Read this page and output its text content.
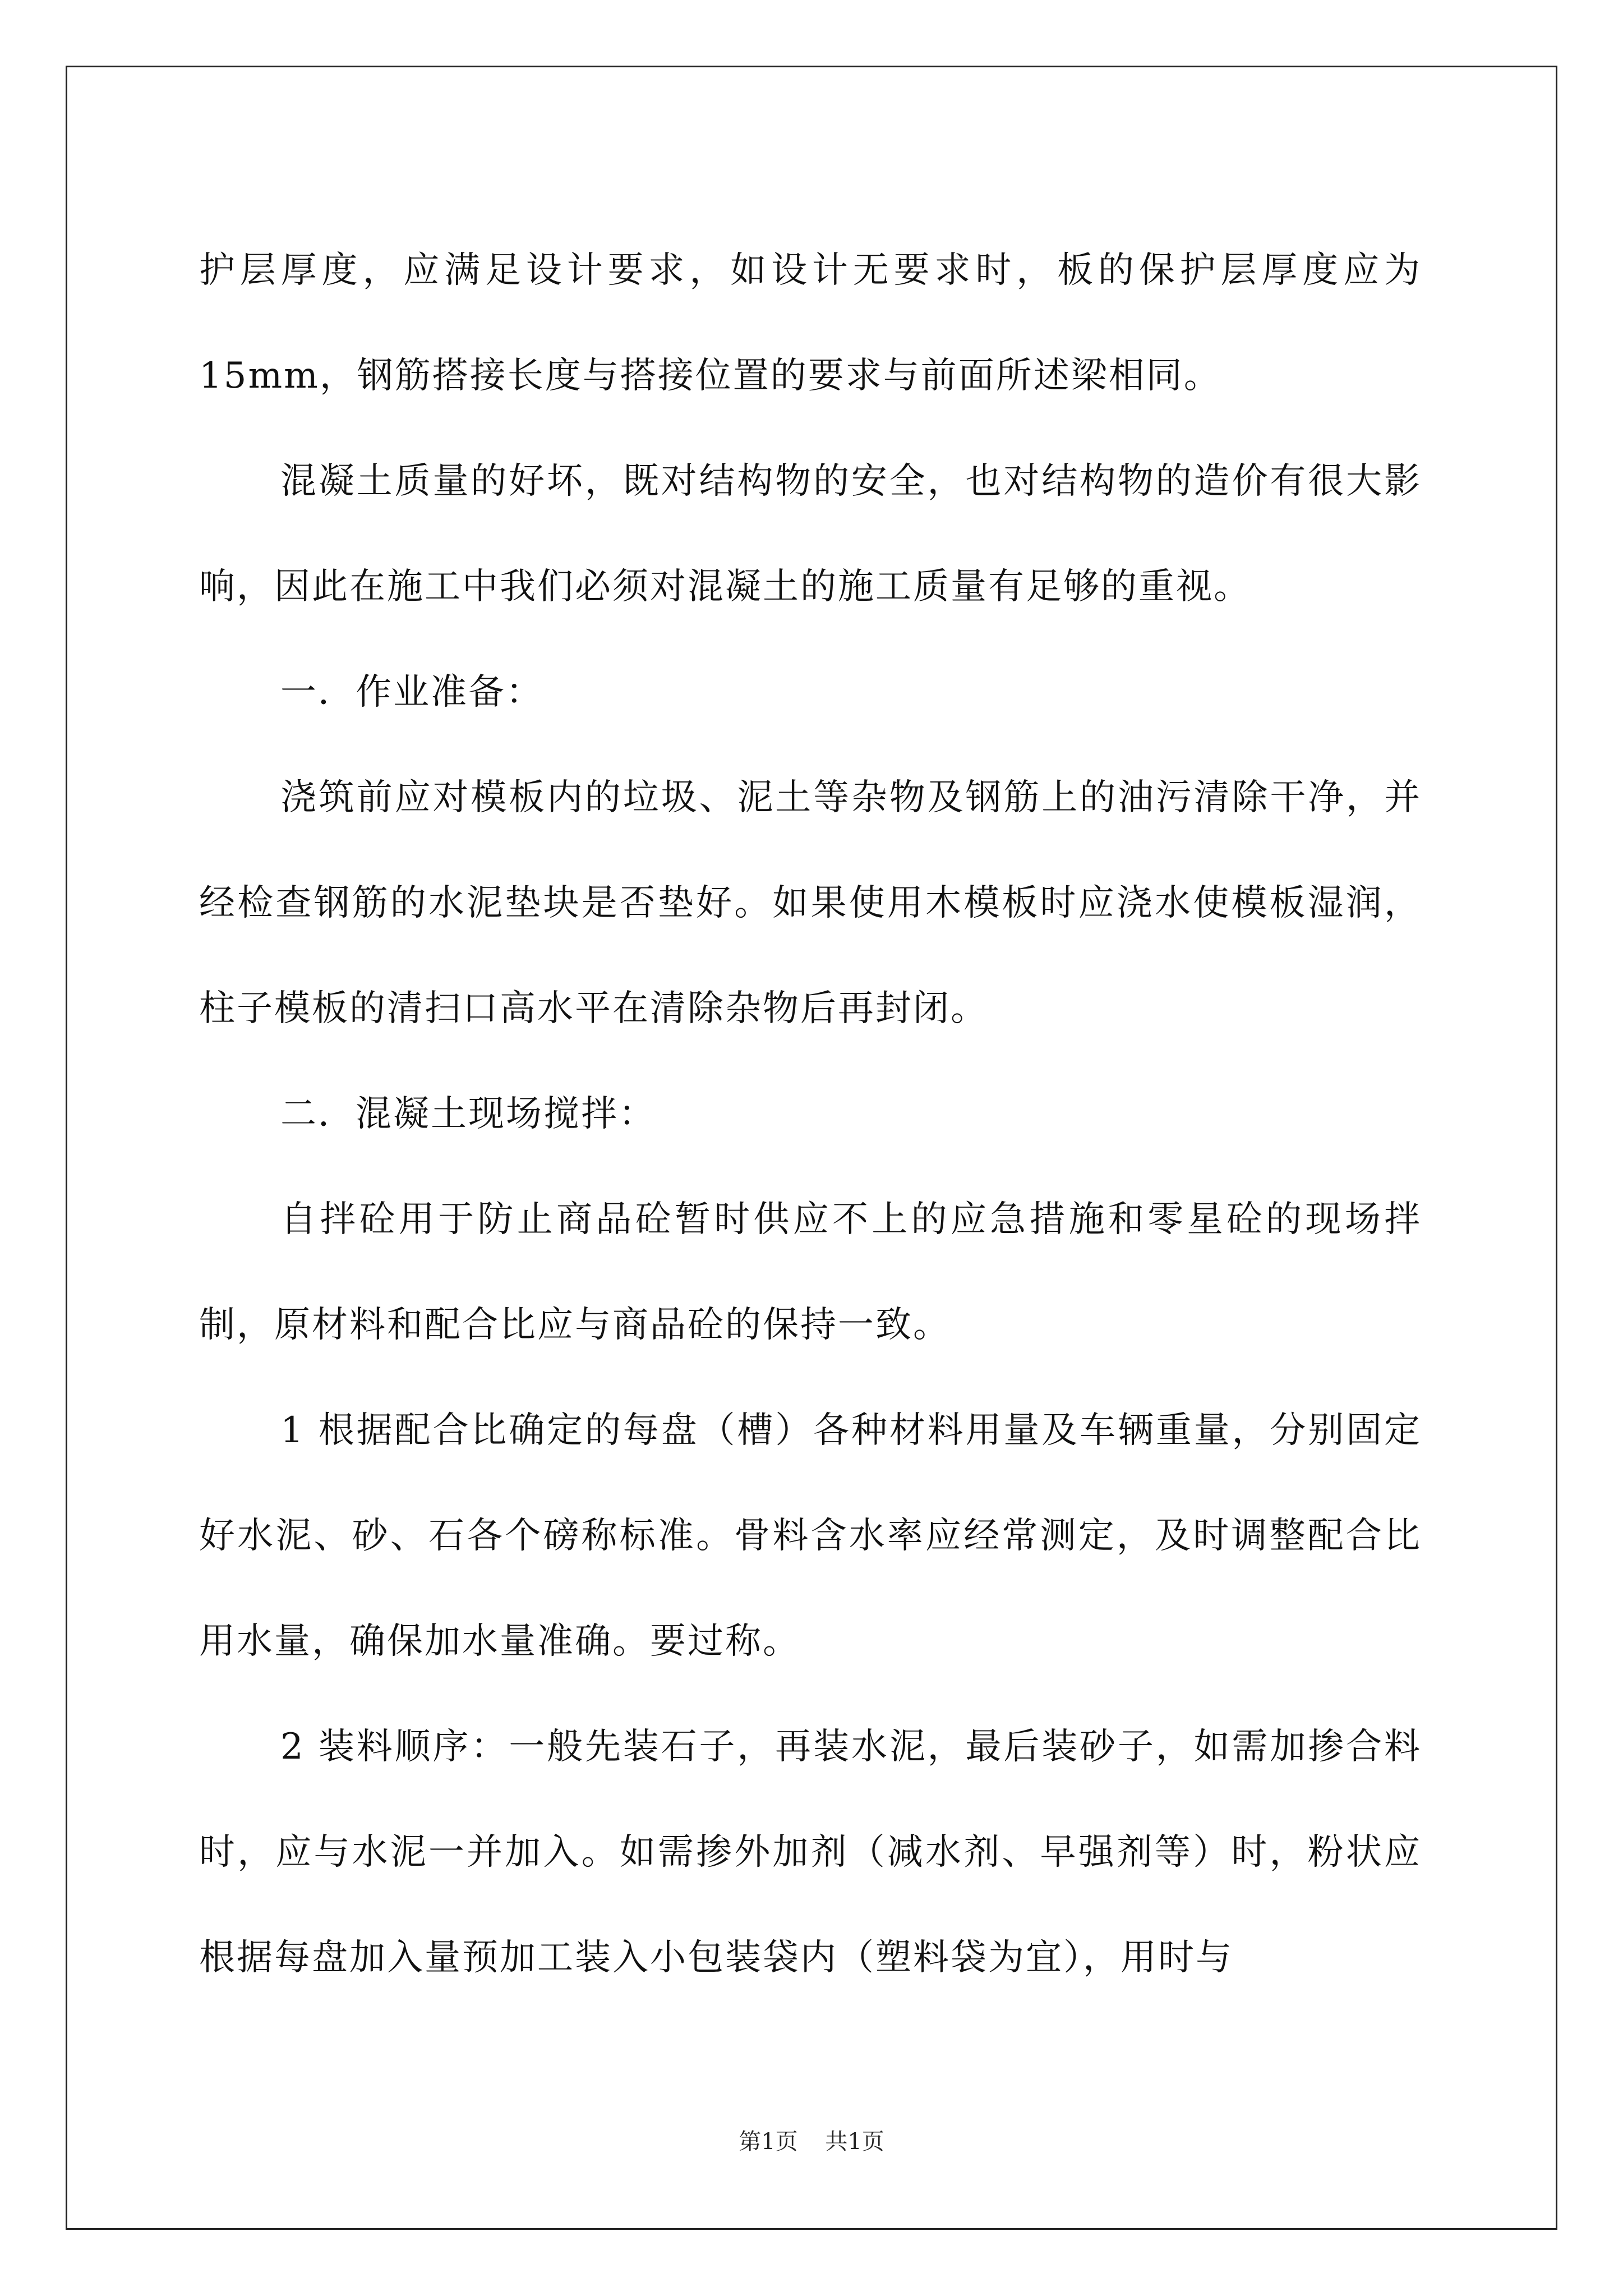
护层厚度，应满足设计要求，如设计无要求时，板的保护层厚度应为15mm，钢筋搭接长度与搭接位置的要求与前面所述梁相同。

混凝土质量的好坏，既对结构物的安全，也对结构物的造价有很大影响，因此在施工中我们必须对混凝土的施工质量有足够的重视。

一．作业准备：

浇筑前应对模板内的垃圾、泥土等杂物及钢筋上的油污清除干净，并经检查钢筋的水泥垫块是否垫好。如果使用木模板时应浇水使模板湿润，柱子模板的清扫口高水平在清除杂物后再封闭。

二．混凝土现场搅拌：

自拌砼用于防止商品砼暂时供应不上的应急措施和零星砼的现场拌制，原材料和配合比应与商品砼的保持一致。

1 根据配合比确定的每盘（槽）各种材料用量及车辆重量，分别固定好水泥、砂、石各个磅称标准。骨料含水率应经常测定，及时调整配合比用水量，确保加水量准确。要过称。

2 装料顺序：一般先装石子，再装水泥，最后装砂子，如需加掺合料时，应与水泥一并加入。如需掺外加剂（减水剂、早强剂等）时，粉状应根据每盘加入量预加工装入小包装袋内（塑料袋为宜），用时与

第1页 共1页
